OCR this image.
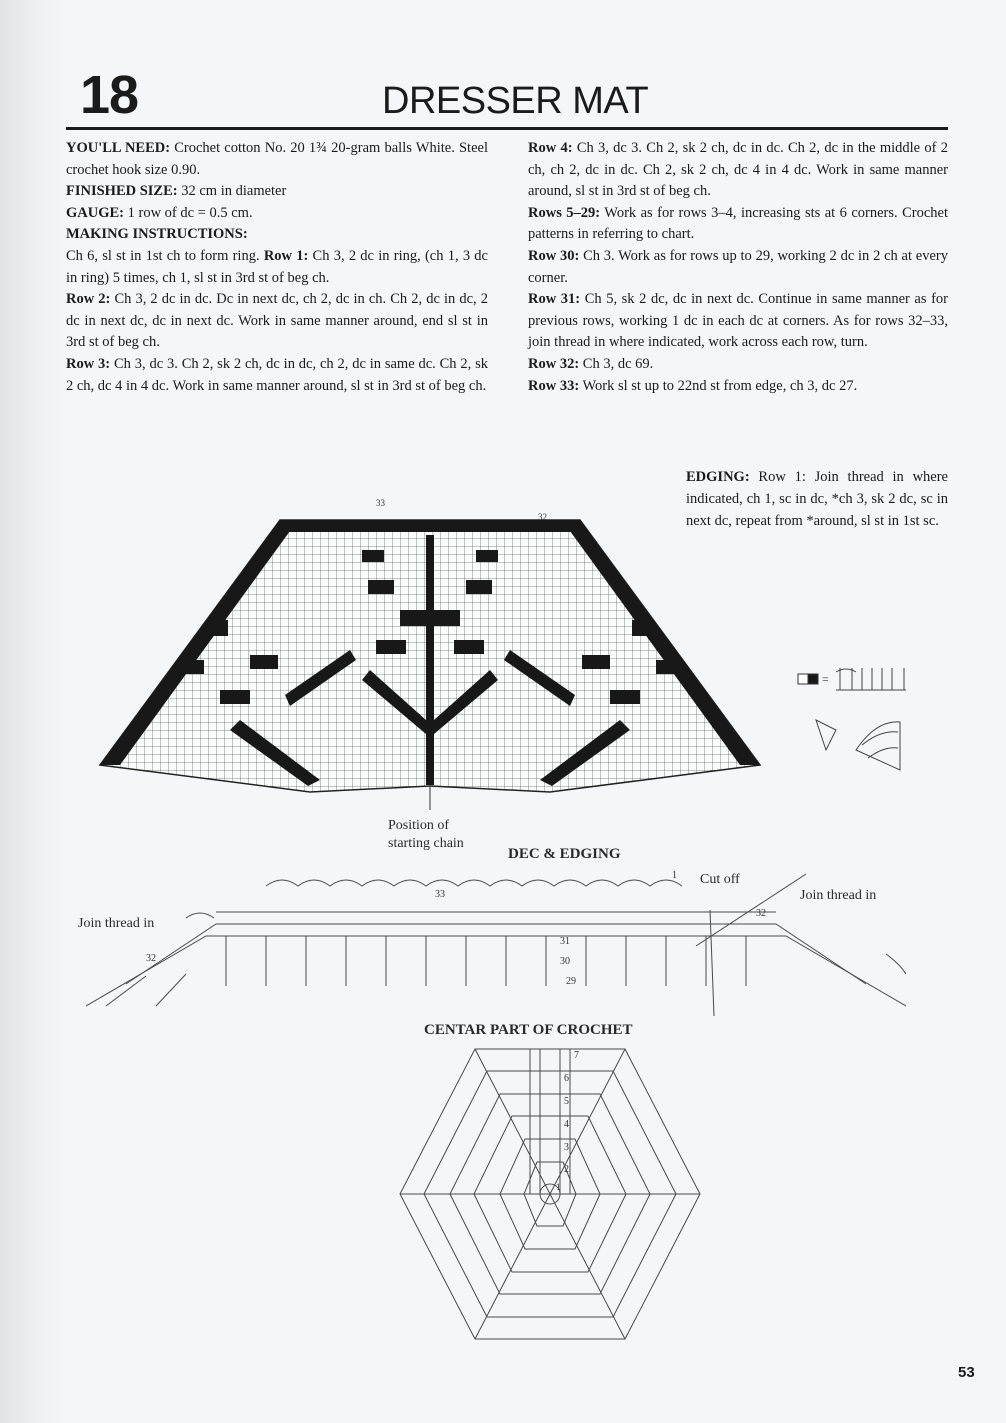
18	DRESSER MAT

YOU'LL NEED: Crochet cotton No. 20 1¾ 20-gram balls White. Steel crochet hook size 0.90.

FINISHED SIZE: 32 cm in diameter

GAUGE: 1 row of dc = 0.5 cm.

MAKING INSTRUCTIONS:

Ch 6, sl st in 1st ch to form ring. Row 1: Ch 3, 2 dc in ring, (ch 1, 3 dc in ring) 5 times, ch 1, sl st in 3rd st of beg ch.

Row 2: Ch 3, 2 dc in dc. Dc in next dc, ch 2, dc in ch. Ch 2, dc in dc, 2 dc in next dc, dc in next dc. Work in same manner around, end sl st in 3rd st of beg ch.

Row 3: Ch 3, dc 3. Ch 2, sk 2 ch, dc in dc, ch 2, dc in same dc. Ch 2, sk 2 ch, dc 4 in 4 dc. Work in same manner around, sl st in 3rd st of beg ch.

Row 4: Ch 3, dc 3. Ch 2, sk 2 ch, dc in dc. Ch 2, dc in the middle of 2 ch, ch 2, dc in dc. Ch 2, sk 2 ch, dc 4 in 4 dc. Work in same manner around, sl st in 3rd st of beg ch.

Rows 5–29: Work as for rows 3–4, increasing sts at 6 corners. Crochet patterns in referring to chart.

Row 30: Ch 3. Work as for rows up to 29, working 2 dc in 2 ch at every corner.

Row 31: Ch 5, sk 2 dc, dc in next dc. Continue in same manner as for previous rows, working 1 dc in each dc at corners. As for rows 32–33, join thread in where indicated, work across each row, turn.

Row 32: Ch 3, dc 69.

Row 33: Work sl st up to 22nd st from edge, ch 3, dc 27.

EDGING: Row 1: Join thread in where indicated, ch 1, sc in dc, *ch 3, sk 2 dc, sc in next dc, repeat from *around, sl st in 1st sc.
33
32
Position of
starting chain
=
DEC & EDGING
33
1
32
32
31
30
29
Cut off
Join thread in
Join thread in
CENTAR PART OF CROCHET
7
6
5
4
3
2
1
53
